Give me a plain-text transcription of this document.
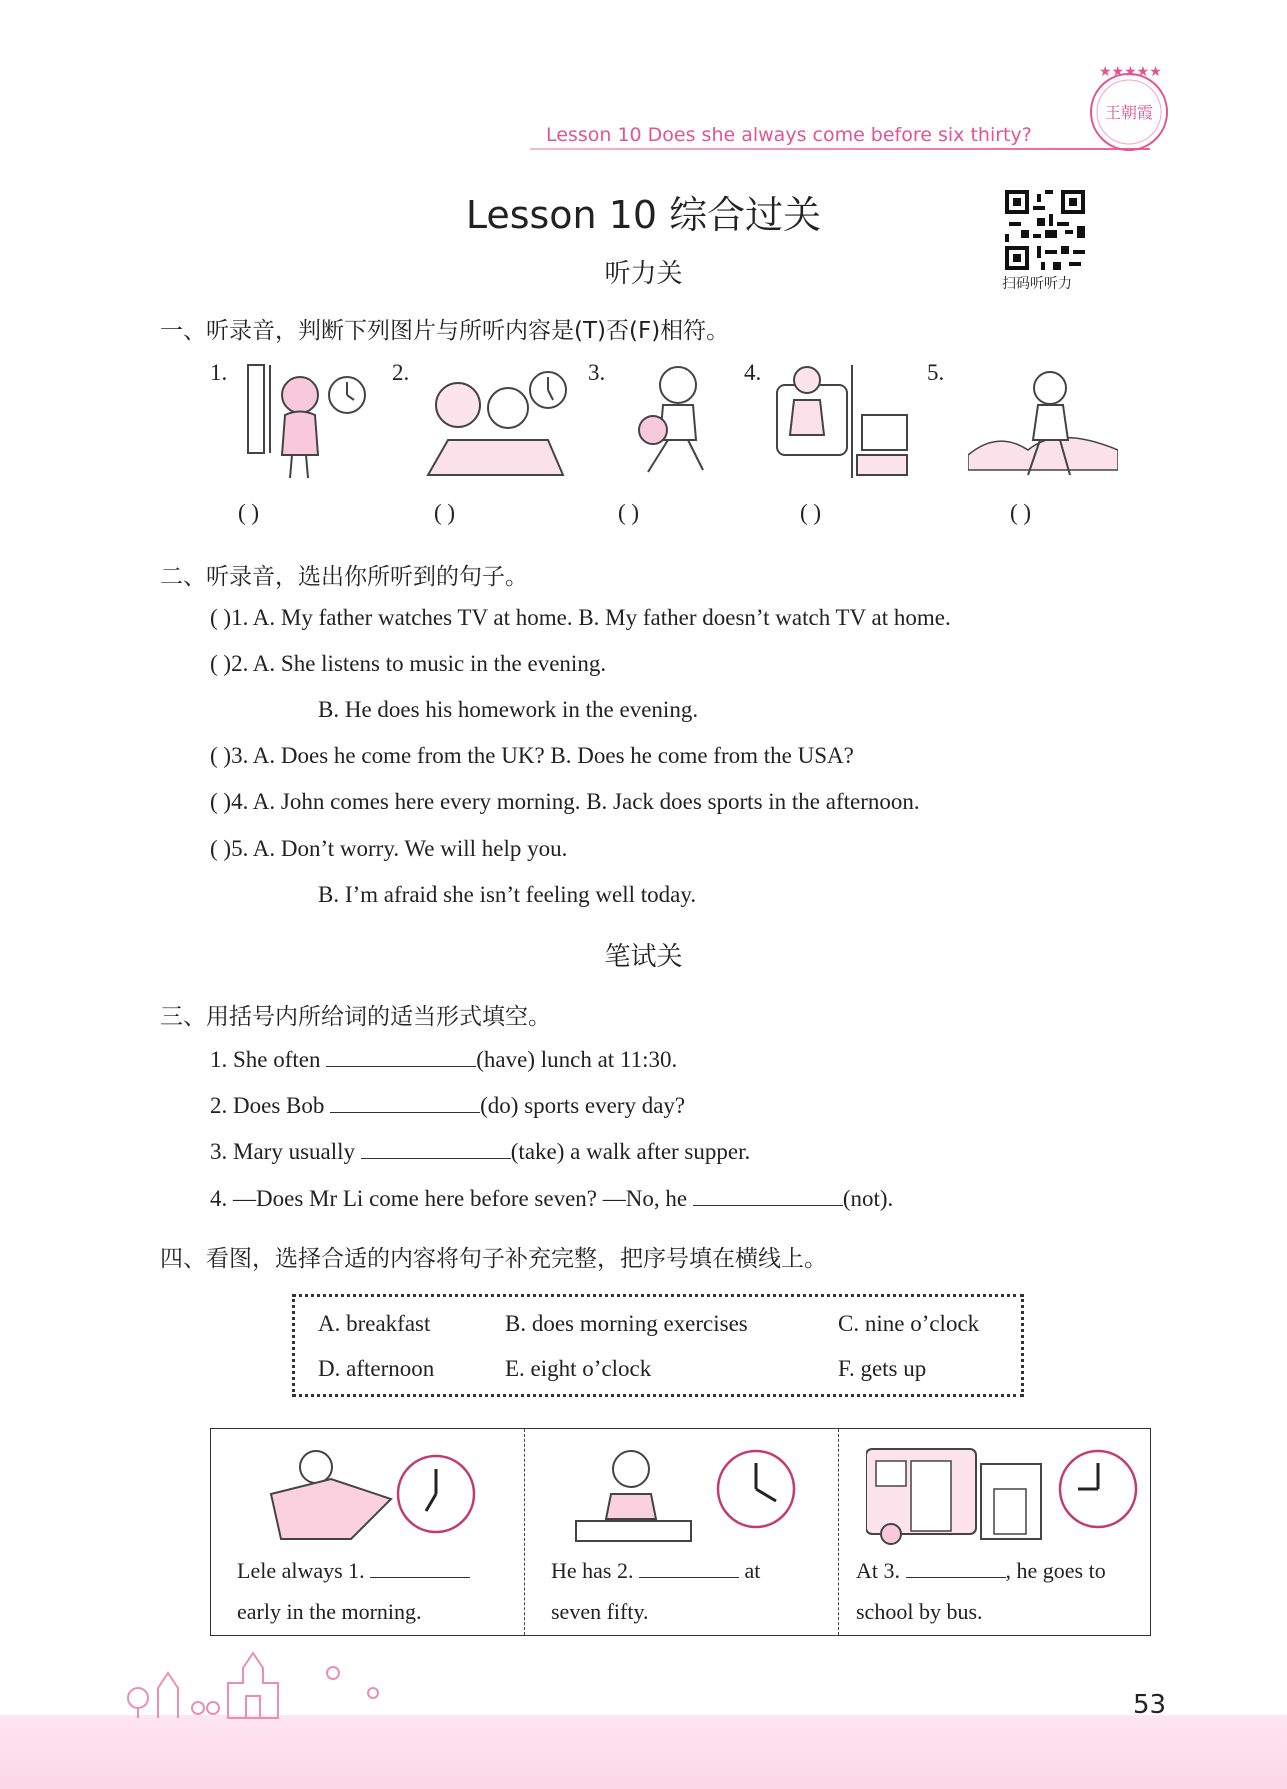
Lesson 10 Does she always come before six thirty?
★★★★★
王朝霞
Lesson 10 综合过关
扫码听听力
听力关
一、听录音，判断下列图片与所听内容是(T)否(F)相符。
1.
( )
2.
( )
3.
( )
4.
( )
5.
( )
二、听录音，选出你所听到的句子。
( )1. A. My father watches TV at home. B. My father doesn’t watch TV at home.
( )2. A. She listens to music in the evening.
B. He does his homework in the evening.
( )3. A. Does he come from the UK? B. Does he come from the USA?
( )4. A. John comes here every morning. B. Jack does sports in the afternoon.
( )5. A. Don’t worry. We will help you.
B. I’m afraid she isn’t feeling well today.
笔试关
三、用括号内所给词的适当形式填空。
1. She often	(have) lunch at 11:30.
2. Does Bob	(do) sports every day?
3. Mary usually	(take) a walk after supper.
4. —Does Mr Li come here before seven? —No, he	(not).
四、看图，选择合适的内容将句子补充完整，把序号填在横线上。
A. breakfast	B. does morning exercises	C. nine o’clock
D. afternoon	E. eight o’clock	F. gets up
Lele always 1.
early in the morning.
He has 2.	at
seven fifty.
At 3.	, he goes to
school by bus.
53
